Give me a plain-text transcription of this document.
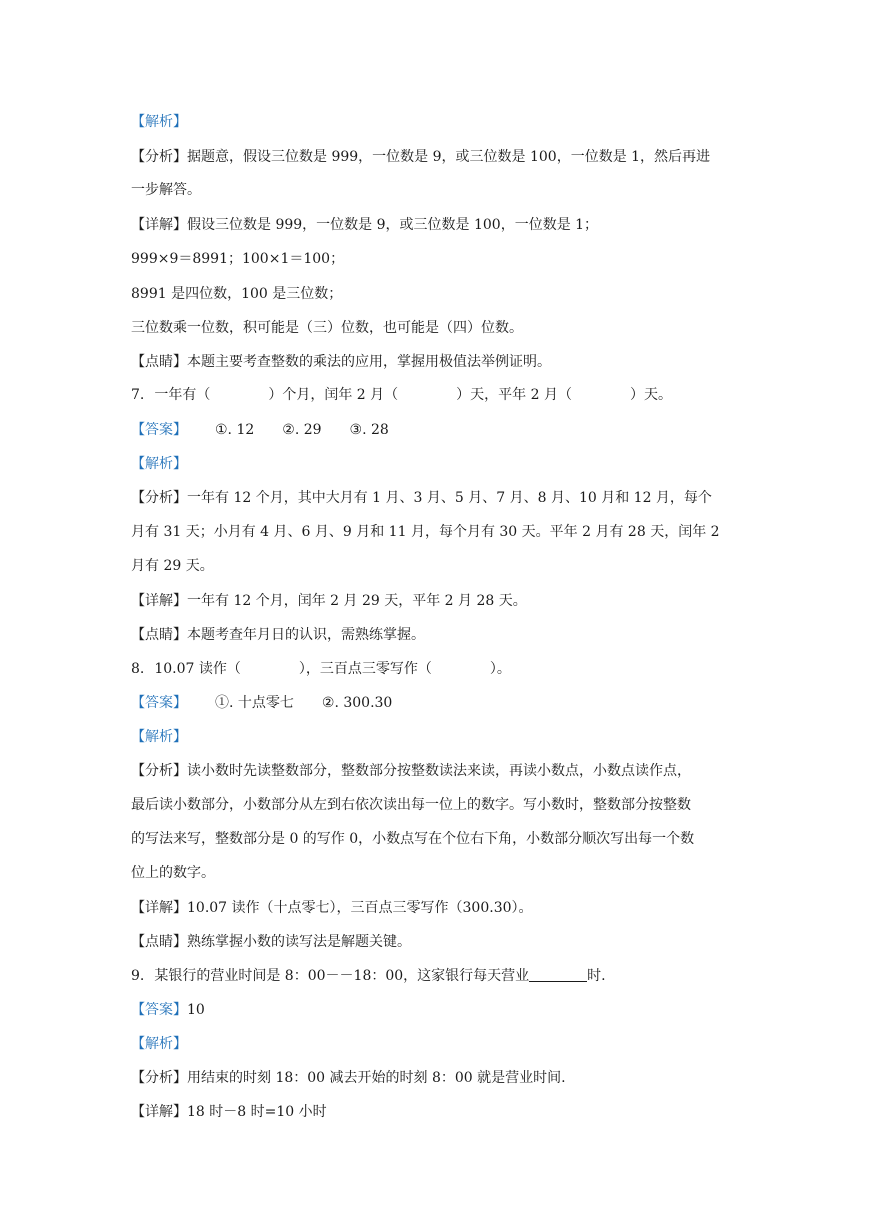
【解析】
【分析】据题意，假设三位数是 999，一位数是 9，或三位数是 100，一位数是 1，然后再进
一步解答。
【详解】假设三位数是 999，一位数是 9，或三位数是 100，一位数是 1；
999×9＝8991；100×1＝100；
8991 是四位数，100 是三位数；
三位数乘一位数，积可能是（三）位数，也可能是（四）位数。
【点睛】本题主要考查整数的乘法的应用，掌握用极值法举例证明。
7. 一年有（	）个月，闰年 2 月（	）天，平年 2 月（	）天。
【答案】 ①. 12 ②. 29 ③. 28
【解析】
【分析】一年有 12 个月，其中大月有 1 月、3 月、5 月、7 月、8 月、10 月和 12 月，每个
月有 31 天；小月有 4 月、6 月、9 月和 11 月，每个月有 30 天。平年 2 月有 28 天，闰年 2
月有 29 天。
【详解】一年有 12 个月，闰年 2 月 29 天，平年 2 月 28 天。
【点睛】本题考查年月日的认识，需熟练掌握。
8. 10.07 读作（	），三百点三零写作（	）。
【答案】 ①. 十点零七 ②. 300.30
【解析】
【分析】读小数时先读整数部分，整数部分按整数读法来读，再读小数点，小数点读作点，
最后读小数部分，小数部分从左到右依次读出每一位上的数字。写小数时，整数部分按整数
的写法来写，整数部分是 0 的写作 0，小数点写在个位右下角，小数部分顺次写出每一个数
位上的数字。
【详解】10.07 读作（十点零七），三百点三零写作（300.30）。
【点睛】熟练掌握小数的读写法是解题关键。
9. 某银行的营业时间是 8：00－－18：00，这家银行每天营业	时.
【答案】10
【解析】
【分析】用结束的时刻 18：00 减去开始的时刻 8：00 就是营业时间.
【详解】18 时－8 时=10 小时
